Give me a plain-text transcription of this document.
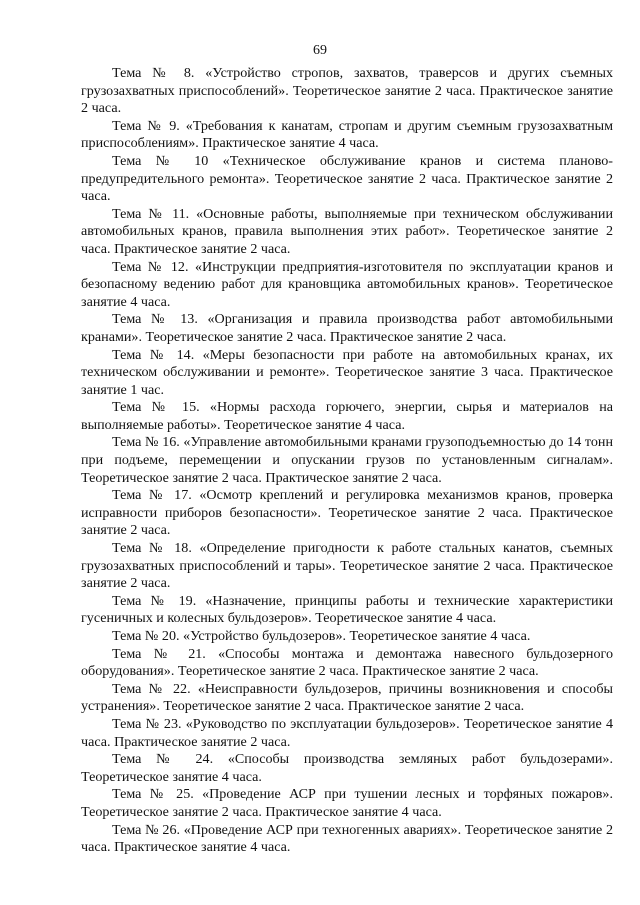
69

Тема № 8. «Устройство стропов, захватов, траверсов и других съемных грузозахватных приспособлений». Теоретическое занятие 2 часа. Практическое занятие 2 часа.

Тема № 9. «Требования к канатам, стропам и другим съемным грузозахватным приспособлениям». Практическое занятие 4 часа.

Тема № 10 «Техническое обслуживание кранов и система планово-предупредительного ремонта». Теоретическое занятие 2 часа. Практическое занятие 2 часа.

Тема № 11. «Основные работы, выполняемые при техническом обслуживании автомобильных кранов, правила выполнения этих работ». Теоретическое занятие 2 часа. Практическое занятие 2 часа.

Тема № 12. «Инструкции предприятия-изготовителя по эксплуатации кранов и безопасному ведению работ для крановщика автомобильных кранов». Теоретическое занятие 4 часа.

Тема № 13. «Организация и правила производства работ автомобильными кранами». Теоретическое занятие 2 часа. Практическое занятие 2 часа.

Тема № 14. «Меры безопасности при работе на автомобильных кранах, их техническом обслуживании и ремонте». Теоретическое занятие 3 часа. Практическое занятие 1 час.

Тема № 15. «Нормы расхода горючего, энергии, сырья и материалов на выполняемые работы». Теоретическое занятие 4 часа.

Тема № 16. «Управление автомобильными кранами грузоподъемностью до 14 тонн при подъеме, перемещении и опускании грузов по установленным сигналам». Теоретическое занятие 2 часа. Практическое занятие 2 часа.

Тема № 17. «Осмотр креплений и регулировка механизмов кранов, проверка исправности приборов безопасности». Теоретическое занятие 2 часа. Практическое занятие 2 часа.

Тема № 18. «Определение пригодности к работе стальных канатов, съемных грузозахватных приспособлений и тары». Теоретическое занятие 2 часа. Практическое занятие 2 часа.

Тема № 19. «Назначение, принципы работы и технические характеристики гусеничных и колесных бульдозеров». Теоретическое занятие 4 часа.

Тема № 20. «Устройство бульдозеров». Теоретическое занятие 4 часа.

Тема № 21. «Способы монтажа и демонтажа навесного бульдозерного оборудования». Теоретическое занятие 2 часа. Практическое занятие 2 часа.

Тема № 22. «Неисправности бульдозеров, причины возникновения и способы устранения». Теоретическое занятие 2 часа. Практическое занятие 2 часа.

Тема № 23. «Руководство по эксплуатации бульдозеров». Теоретическое занятие 4 часа. Практическое занятие 2 часа.

Тема № 24. «Способы производства земляных работ бульдозерами». Теоретическое занятие 4 часа.

Тема № 25. «Проведение АСР при тушении лесных и торфяных пожаров». Теоретическое занятие 2 часа. Практическое занятие 4 часа.

Тема № 26. «Проведение АСР при техногенных авариях». Теоретическое занятие 2 часа. Практическое занятие 4 часа.
